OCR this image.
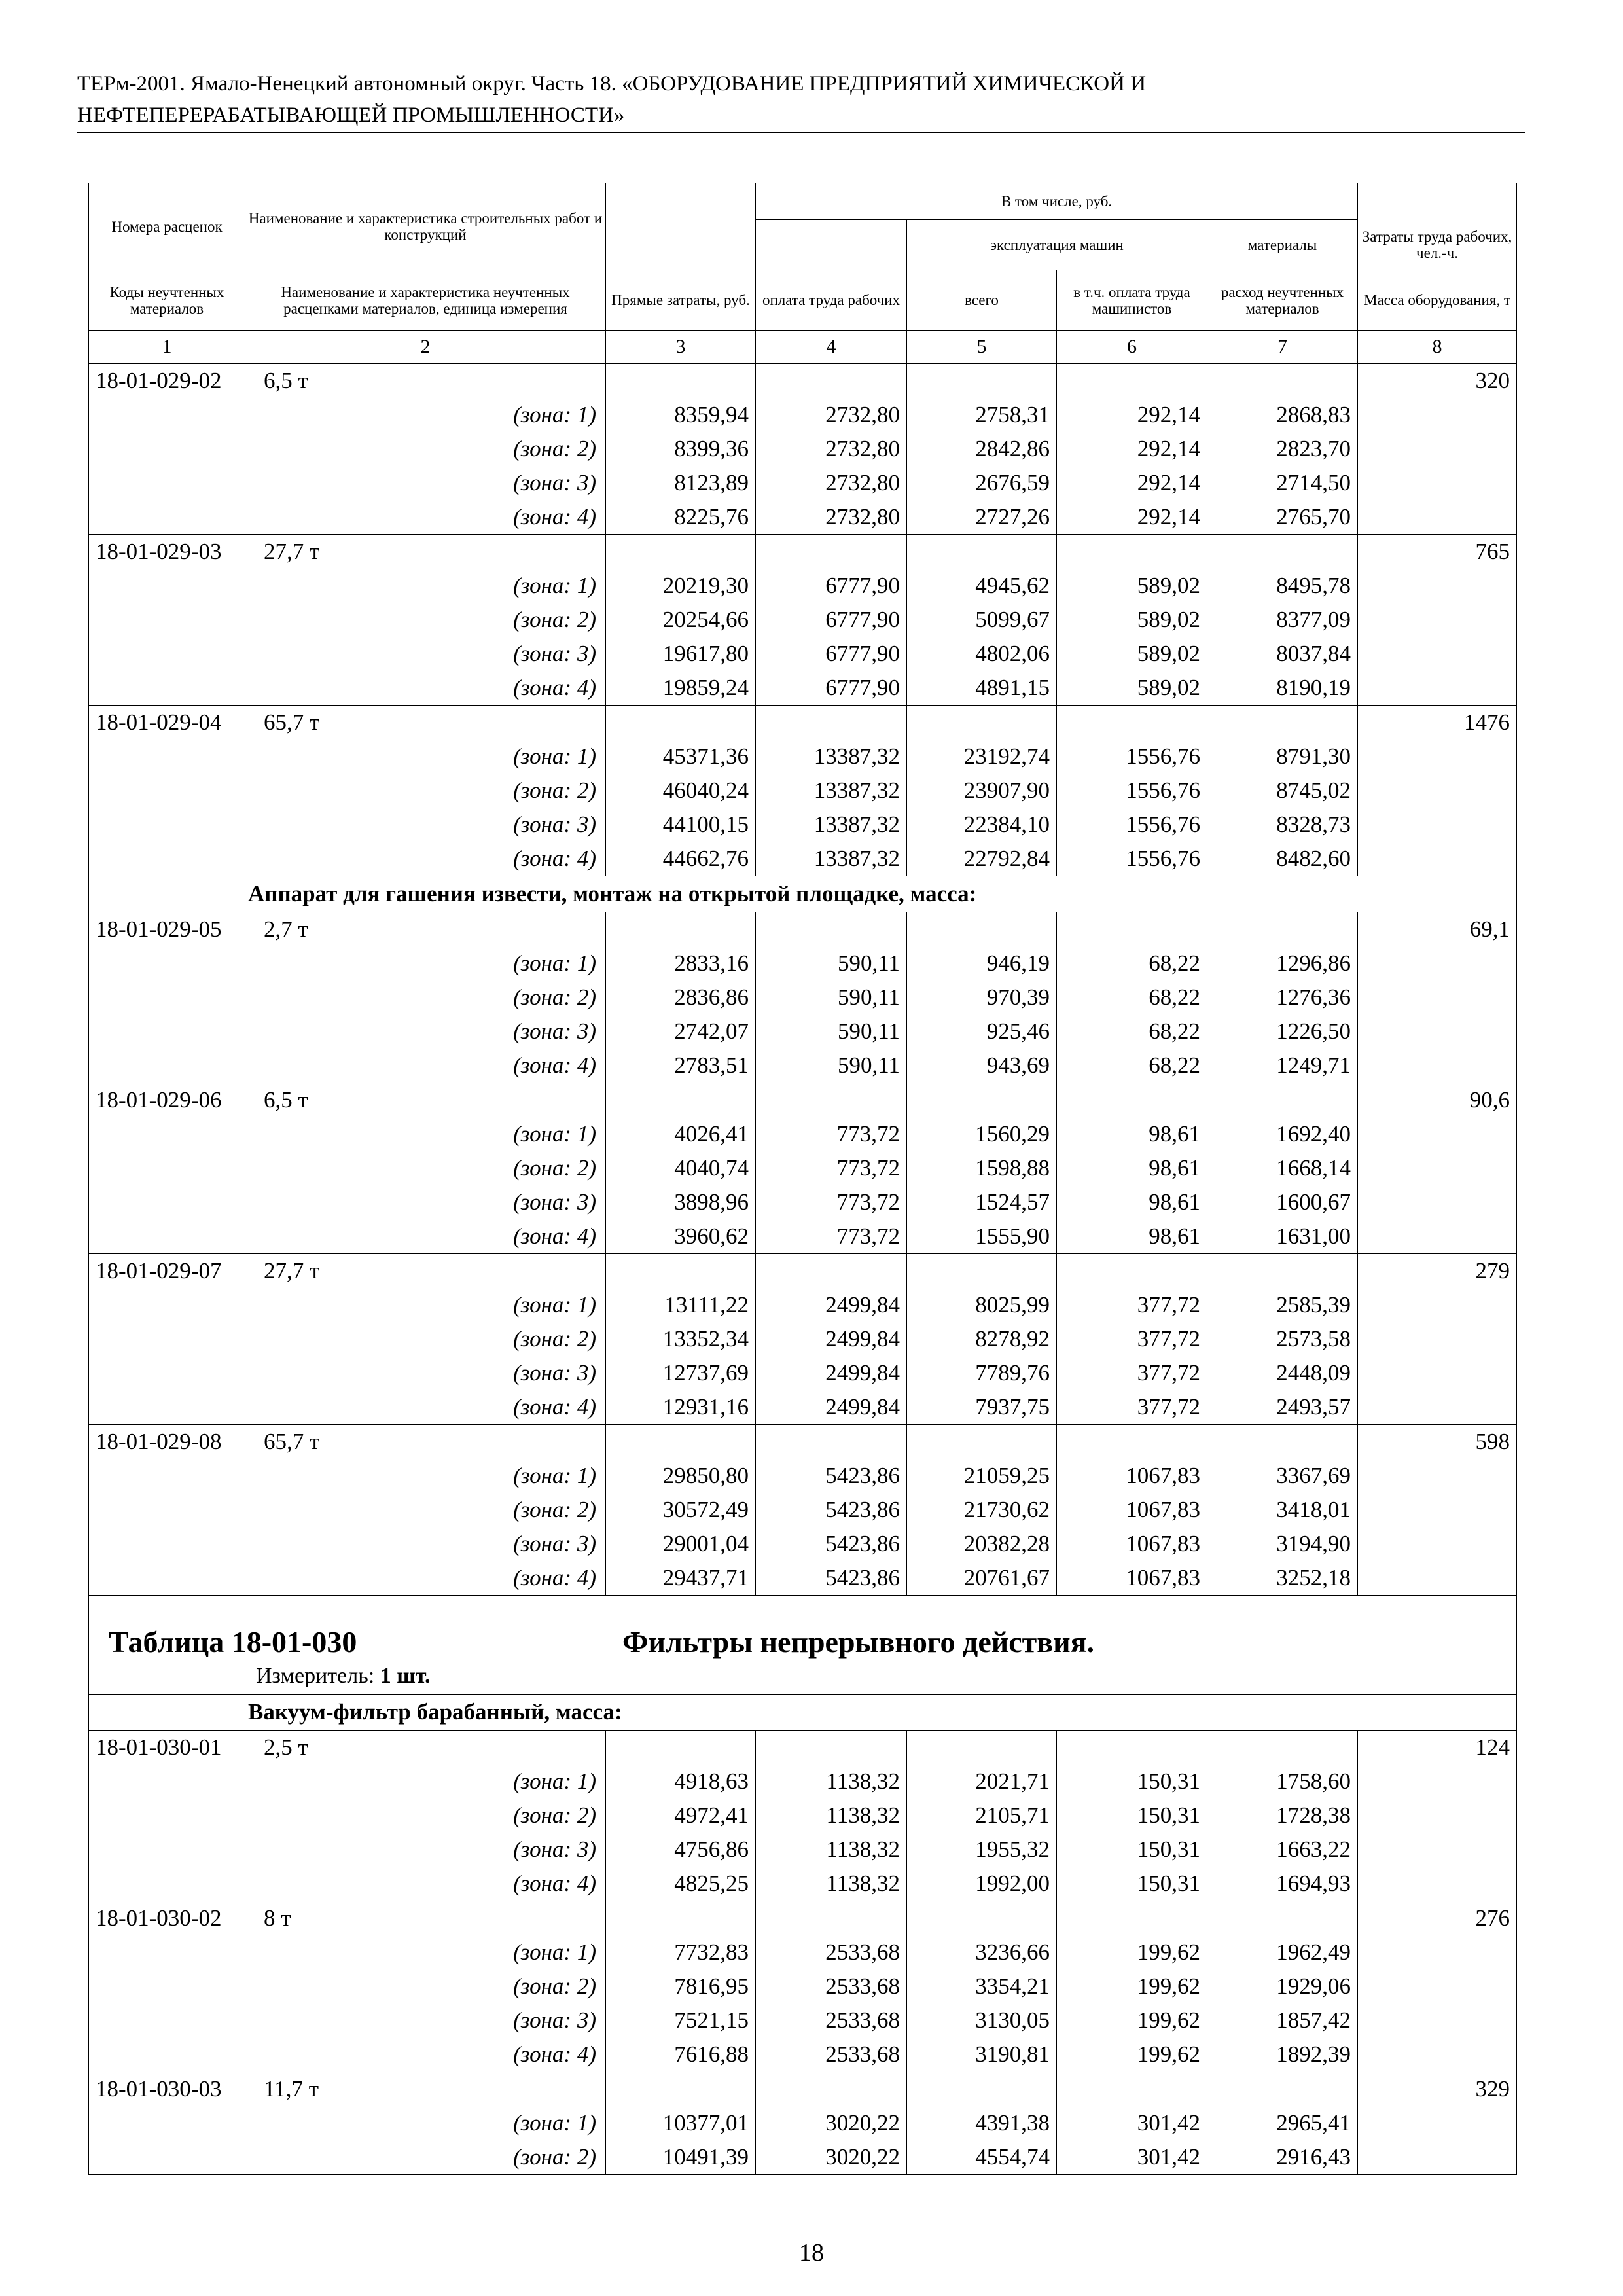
ТЕРм-2001. Ямало-Ненецкий автономный округ. Часть 18. «ОБОРУДОВАНИЕ ПРЕДПРИЯТИЙ ХИМИЧЕСКОЙ И
НЕФТЕПЕРЕРАБАТЫВАЮЩЕЙ ПРОМЫШЛЕННОСТИ»
Номера расценок	Наименование и характеристика строительных работ и конструкций		В том числе, руб.				
				эксплуатация машин		материалы	Затраты труда рабочих, чел.-ч.
Коды неучтенных материалов	Наименование и характеристика неучтенных расценками материалов, единица измерения	Прямые затраты, руб.	оплата труда рабочих	всего	в т.ч. оплата труда машинистов	расход неучтенных материалов	Масса оборудования, т
1	2	3	4	5	6	7	8
18-01-029-02	6,5 т						320
	(зона: 1)	8359,94	2732,80	2758,31	292,14	2868,83	
	(зона: 2)	8399,36	2732,80	2842,86	292,14	2823,70	
	(зона: 3)	8123,89	2732,80	2676,59	292,14	2714,50	
	(зона: 4)	8225,76	2732,80	2727,26	292,14	2765,70	
18-01-029-03	27,7 т						765
	(зона: 1)	20219,30	6777,90	4945,62	589,02	8495,78	
	(зона: 2)	20254,66	6777,90	5099,67	589,02	8377,09	
	(зона: 3)	19617,80	6777,90	4802,06	589,02	8037,84	
	(зона: 4)	19859,24	6777,90	4891,15	589,02	8190,19	
18-01-029-04	65,7 т						1476
	(зона: 1)	45371,36	13387,32	23192,74	1556,76	8791,30	
	(зона: 2)	46040,24	13387,32	23907,90	1556,76	8745,02	
	(зона: 3)	44100,15	13387,32	22384,10	1556,76	8328,73	
	(зона: 4)	44662,76	13387,32	22792,84	1556,76	8482,60	
	Аппарат для гашения извести, монтаж на открытой площадке, масса:						
18-01-029-05	2,7 т						69,1
	(зона: 1)	2833,16	590,11	946,19	68,22	1296,86	
	(зона: 2)	2836,86	590,11	970,39	68,22	1276,36	
	(зона: 3)	2742,07	590,11	925,46	68,22	1226,50	
	(зона: 4)	2783,51	590,11	943,69	68,22	1249,71	
18-01-029-06	6,5 т						90,6
	(зона: 1)	4026,41	773,72	1560,29	98,61	1692,40	
	(зона: 2)	4040,74	773,72	1598,88	98,61	1668,14	
	(зона: 3)	3898,96	773,72	1524,57	98,61	1600,67	
	(зона: 4)	3960,62	773,72	1555,90	98,61	1631,00	
18-01-029-07	27,7 т						279
	(зона: 1)	13111,22	2499,84	8025,99	377,72	2585,39	
	(зона: 2)	13352,34	2499,84	8278,92	377,72	2573,58	
	(зона: 3)	12737,69	2499,84	7789,76	377,72	2448,09	
	(зона: 4)	12931,16	2499,84	7937,75	377,72	2493,57	
18-01-029-08	65,7 т						598
	(зона: 1)	29850,80	5423,86	21059,25	1067,83	3367,69	
	(зона: 2)	30572,49	5423,86	21730,62	1067,83	3418,01	
	(зона: 3)	29001,04	5423,86	20382,28	1067,83	3194,90	
	(зона: 4)	29437,71	5423,86	20761,67	1067,83	3252,18	

Таблица 18-01-030 Фильтры непрерывного действия.
Измеритель: 1 шт.							

	Вакуум-фильтр барабанный, масса:						
18-01-030-01	2,5 т						124
	(зона: 1)	4918,63	1138,32	2021,71	150,31	1758,60	
	(зона: 2)	4972,41	1138,32	2105,71	150,31	1728,38	
	(зона: 3)	4756,86	1138,32	1955,32	150,31	1663,22	
	(зона: 4)	4825,25	1138,32	1992,00	150,31	1694,93	
18-01-030-02	8 т						276
	(зона: 1)	7732,83	2533,68	3236,66	199,62	1962,49	
	(зона: 2)	7816,95	2533,68	3354,21	199,62	1929,06	
	(зона: 3)	7521,15	2533,68	3130,05	199,62	1857,42	
	(зона: 4)	7616,88	2533,68	3190,81	199,62	1892,39	
18-01-030-03	11,7 т						329
	(зона: 1)	10377,01	3020,22	4391,38	301,42	2965,41	
	(зона: 2)	10491,39	3020,22	4554,74	301,42	2916,43	
18
